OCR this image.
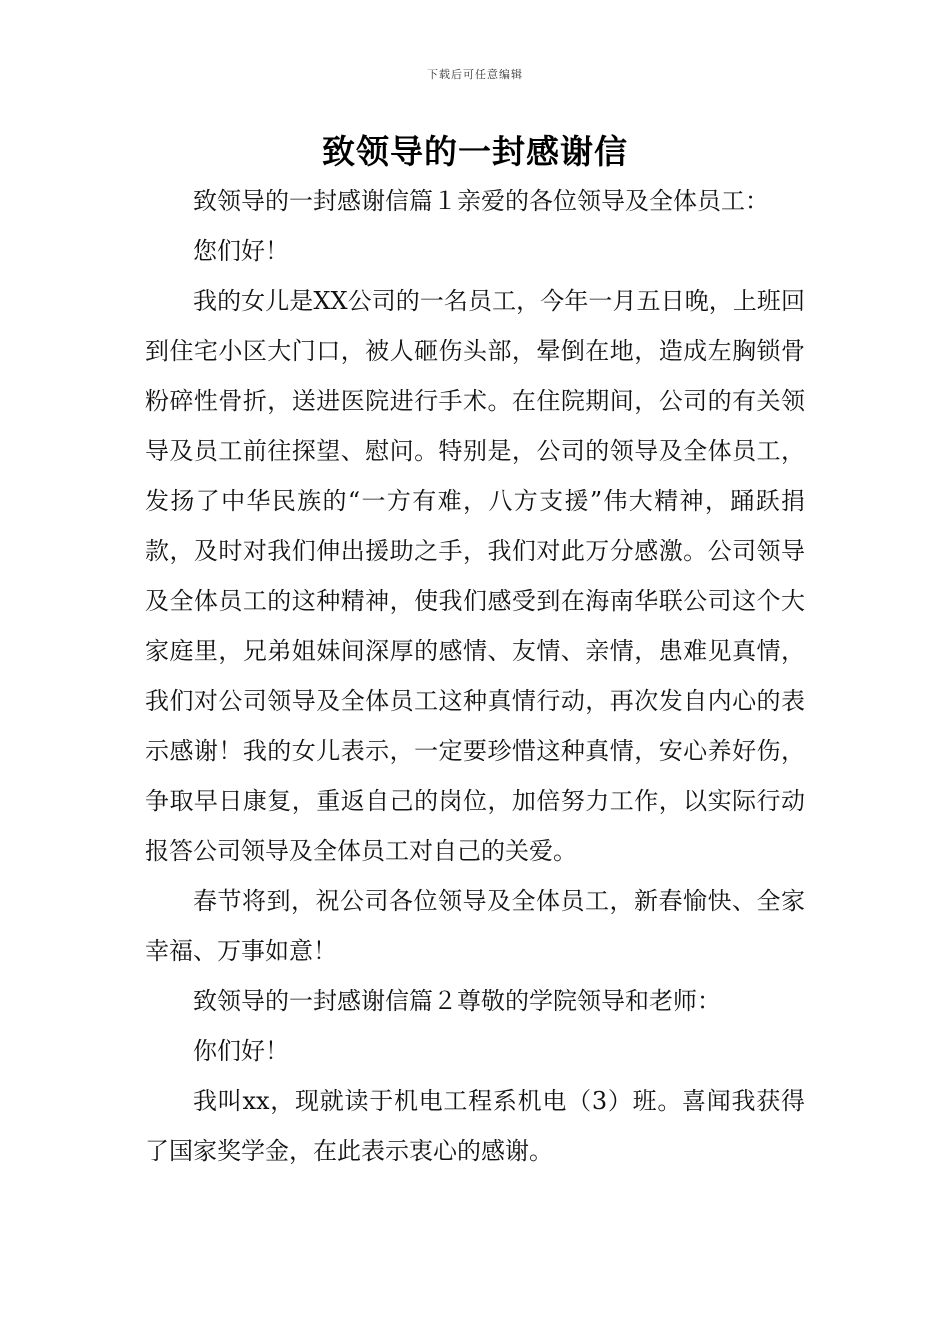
下载后可任意编辑
致领导的一封感谢信

致领导的一封感谢信篇１亲爱的各位领导及全体员工：

您们好！

我的女儿是XX公司的一名员工，今年一月五日晚，上班回到住宅小区大门口，被人砸伤头部，晕倒在地，造成左胸锁骨粉碎性骨折，送进医院进行手术。在住院期间，公司的有关领导及员工前往探望、慰问。特别是，公司的领导及全体员工，发扬了中华民族的“一方有难，八方支援”伟大精神，踊跃捐款，及时对我们伸出援助之手，我们对此万分感激。公司领导及全体员工的这种精神，使我们感受到在海南华联公司这个大家庭里，兄弟姐妹间深厚的感情、友情、亲情，患难见真情，我们对公司领导及全体员工这种真情行动，再次发自内心的表示感谢！我的女儿表示，一定要珍惜这种真情，安心养好伤，争取早日康复，重返自己的岗位，加倍努力工作，以实际行动报答公司领导及全体员工对自己的关爱。

春节将到，祝公司各位领导及全体员工，新春愉快、全家幸福、万事如意！

致领导的一封感谢信篇２尊敬的学院领导和老师：

你们好！

我叫xx，现就读于机电工程系机电（3）班。喜闻我获得了国家奖学金，在此表示衷心的感谢。
